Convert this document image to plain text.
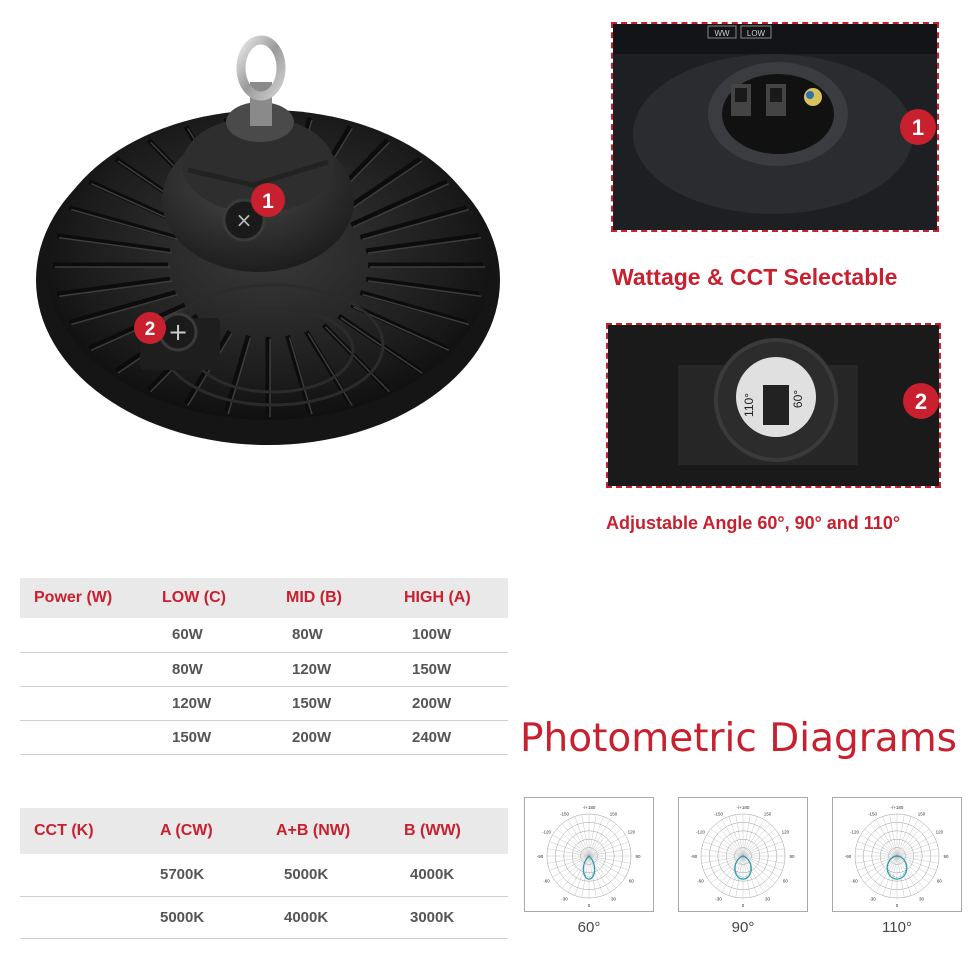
×
+
1
2
WW LOW
1
Wattage & CCT Selectable
110°	60°	2
Adjustable Angle 60°, 90° and 110°
Power (W)	LOW (C)	MID (B)	HIGH (A)
	60W	80W	100W
	80W	120W	150W
	120W	150W	200W
	150W	200W	240W
CCT (K)	A (CW)	A+B (NW)	B (WW)
	5700K	5000K	4000K
	5000K	4000K	3000K
Photometric Diagrams
-150
-/+180
150
-120	120
-90	90
-60	60
-30
0
30
60°
-150
-/+180
150
-120	120
-90	90
-60	60
-30
0
30
90°
-150
-/+180
150
-120	120
-90	90
-60	60
-30
0
30
110°
